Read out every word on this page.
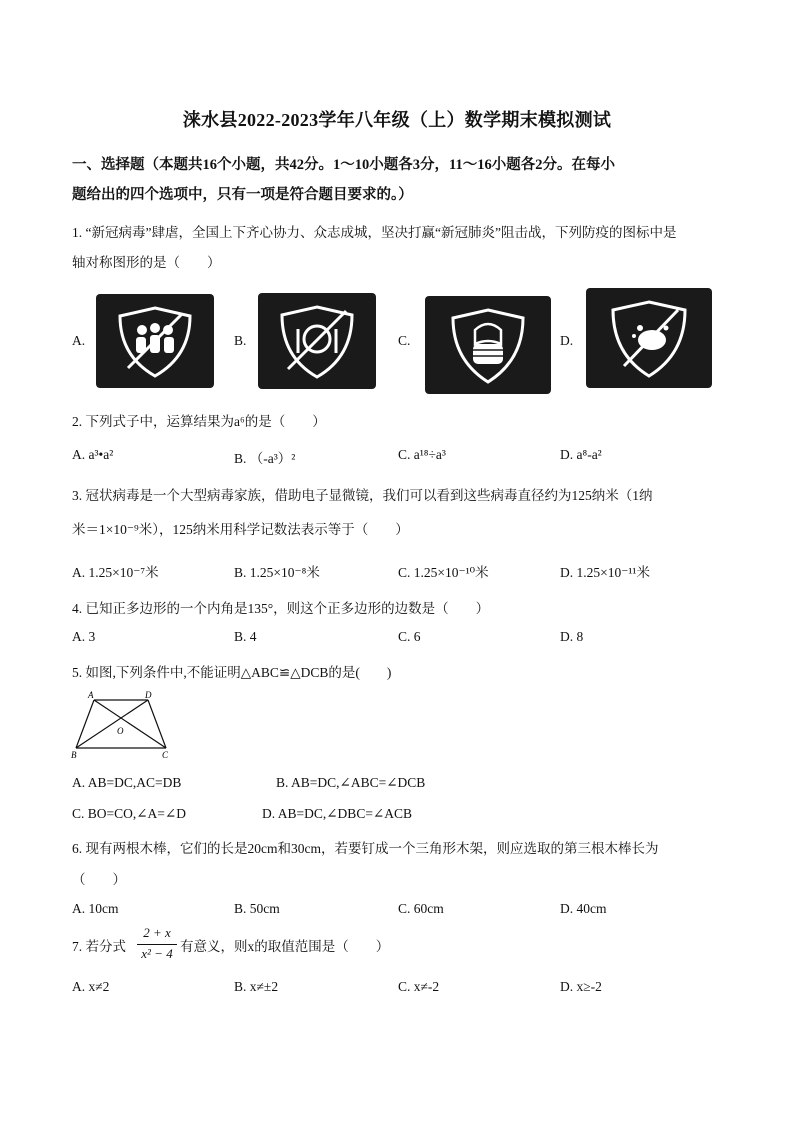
涞水县2022-2023学年八年级（上）数学期末模拟测试
一、选择题（本题共16个小题，共42分。1～10小题各3分，11～16小题各2分。在每小
题给出的四个选项中，只有一项是符合题目要求的。）
1. “新冠病毒”肆虐，全国上下齐心协力、众志成城，坚决打赢“新冠肺炎”阻击战，下列防疫的图标中是
轴对称图形的是（　　）
A.	B.	C.	D.
2. 下列式子中，运算结果为a⁶的是（　　）
A. a³•a²	B. （-a³）²	C. a¹⁸÷a³	D. a⁸-a²
3. 冠状病毒是一个大型病毒家族，借助电子显微镜，我们可以看到这些病毒直径约为125纳米（1纳
米＝1×10⁻⁹米），125纳米用科学记数法表示等于（　　）
A. 1.25×10⁻⁷米	B. 1.25×10⁻⁸米	C. 1.25×10⁻¹⁰米	D. 1.25×10⁻¹¹米
4. 已知正多边形的一个内角是135°，则这个正多边形的边数是（　　）
A. 3	B. 4	C. 6	D. 8
5. 如图,下列条件中,不能证明△ABC≌△DCB的是(　　)
A	D
O
B	C
A. AB=DC,AC=DB	B. AB=DC,∠ABC=∠DCB
C. BO=CO,∠A=∠D	D. AB=DC,∠DBC=∠ACB
6. 现有两根木棒，它们的长是20cm和30cm，若要钉成一个三角形木架，则应选取的第三根木棒长为
（　　）
A. 10cm	B. 50cm	C. 60cm	D. 40cm
7. 若分式
2 + x
x² − 4 有意义，则x的取值范围是（　　）
A. x≠2	B. x≠±2	C. x≠-2	D. x≥-2
